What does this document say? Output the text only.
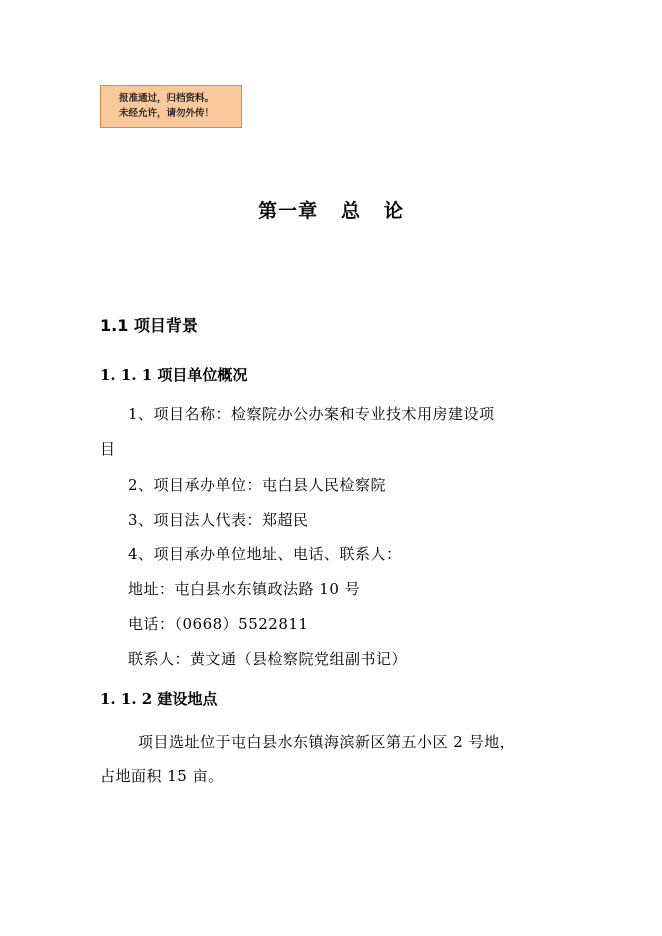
报准通过，归档资料。
未经允许，请勿外传！
第一章   总   论
1.1 项目背景
1. 1. 1 项目单位概况
1、项目名称：检察院办公办案和专业技术用房建设项
目
2、项目承办单位：屯白县人民检察院
3、项目法人代表：郑超民
4、项目承办单位地址、电话、联系人：
地址：屯白县水东镇政法路 10 号
电话：（0668）5522811
联系人：黄文通（县检察院党组副书记）
1. 1. 2 建设地点
项目选址位于屯白县水东镇海滨新区第五小区 2 号地，
占地面积 15 亩。
